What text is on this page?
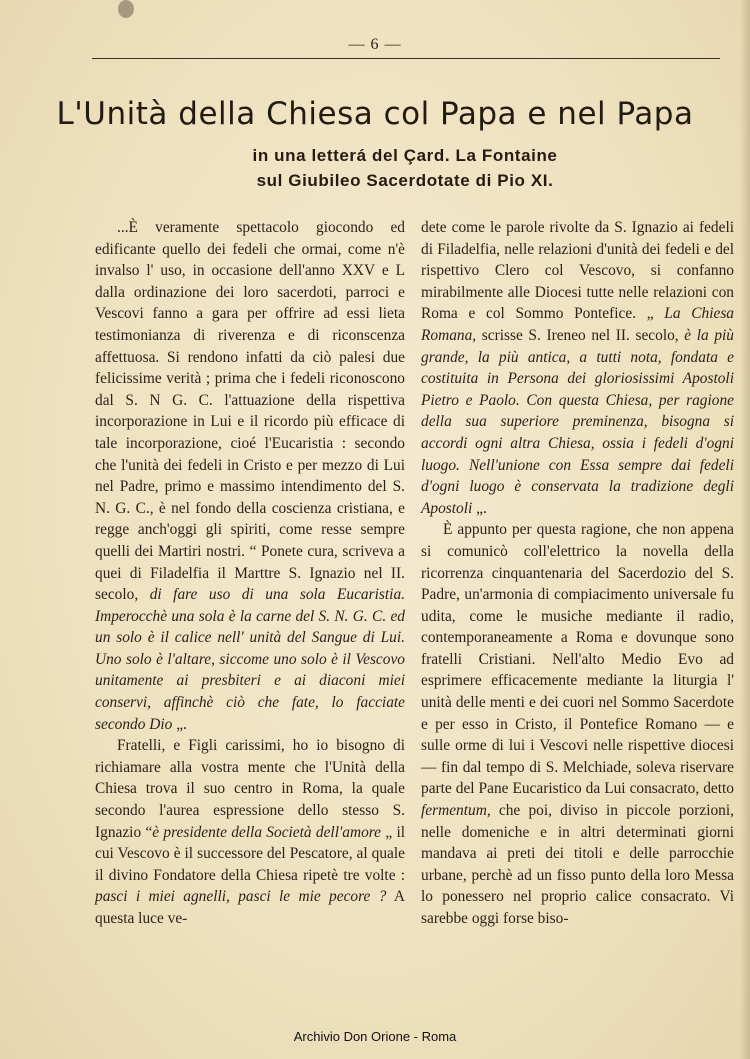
— 6 —
L'Unità della Chiesa col Papa e nel Papa
in una letterá del Çard. La Fontaine
sul Giubileo Sacerdotate di Pio XI.

...È veramente spettacolo giocondo ed edificante quello dei fedeli che ormai, come n'è invalso l' uso, in occasione dell'anno XXV e L dalla ordinazione dei loro sacerdoti, parroci e Vescovi fanno a gara per offrire ad essi lieta testimonianza di riverenza e di riconscenza affettuosa. Si rendono infatti da ciò palesi due felicissime verità ; prima che i fedeli riconoscono dal S. N G. C. l'attuazione della rispettiva incorporazione in Lui e il ricordo più efficace di tale incorporazione, cioé l'Eucaristia : secondo che l'unità dei fedeli in Cristo e per mezzo di Lui nel Padre, primo e massimo intendimento del S. N. G. C., è nel fondo della coscienza cristiana, e regge anch'oggi gli spiriti, come resse sempre quelli dei Martiri nostri. “ Ponete cura, scriveva a quei di Filadelfia il Marttre S. Ignazio nel II. secolo, di fare uso di una sola Eucaristia. Imperocchè una sola è la carne del S. N. G. C. ed un solo è il calice nell' unità del Sangue di Lui. Uno solo è l'altare, siccome uno solo è il Vescovo unitamente ai presbiteri e ai diaconi miei conservi, affinchè ciò che fate, lo facciate secondo Dio „.

Fratelli, e Figli carissimi, ho io bisogno di richiamare alla vostra mente che l'Unità della Chiesa trova il suo centro in Roma, la quale secondo l'aurea espressione dello stesso S. Ignazio “è presidente della Società dell'amore „ il cui Vescovo è il successore del Pescatore, al quale il divino Fondatore della Chiesa ripetè tre volte : pasci i miei agnelli, pasci le mie pecore ? A questa luce ve-

dete come le parole rivolte da S. Ignazio ai fedeli di Filadelfia, nelle relazioni d'unità dei fedeli e del rispettivo Clero col Vescovo, si confanno mirabilmente alle Diocesi tutte nelle relazioni con Roma e col Sommo Pontefice. „ La Chiesa Romana, scrisse S. Ireneo nel II. secolo, è la più grande, la più antica, a tutti nota, fondata e costituita in Persona dei gloriosissimi Apostoli Pietro e Paolo. Con questa Chiesa, per ragione della sua superiore preminenza, bisogna si accordi ogni altra Chiesa, ossia i fedeli d'ogni luogo. Nell'unione con Essa sempre dai fedeli d'ogni luogo è conservata la tradizione degli Apostoli „.

È appunto per questa ragione, che non appena si comunicò coll'elettrico la novella della ricorrenza cinquantenaria del Sacerdozio del S. Padre, un'armonia di compiacimento universale fu udita, come le musiche mediante il radio, contemporaneamente a Roma e dovunque sono fratelli Cristiani. Nell'alto Medio Evo ad esprimere efficacemente mediante la liturgia l' unità delle menti e dei cuori nel Sommo Sacerdote e per esso in Cristo, il Pontefice Romano — e sulle orme di lui i Vescovi nelle rispettive diocesi — fin dal tempo di S. Melchiade, soleva riservare parte del Pane Eucaristico da Lui consacrato, detto fermentum, che poi, diviso in piccole porzioni, nelle domeniche e in altri determinati giorni mandava ai preti dei titoli e delle parrocchie urbane, perchè ad un fisso punto della loro Messa lo ponessero nel proprio calice consacrato. Vi sarebbe oggi forse biso-

Archivio Don Orione - Roma
